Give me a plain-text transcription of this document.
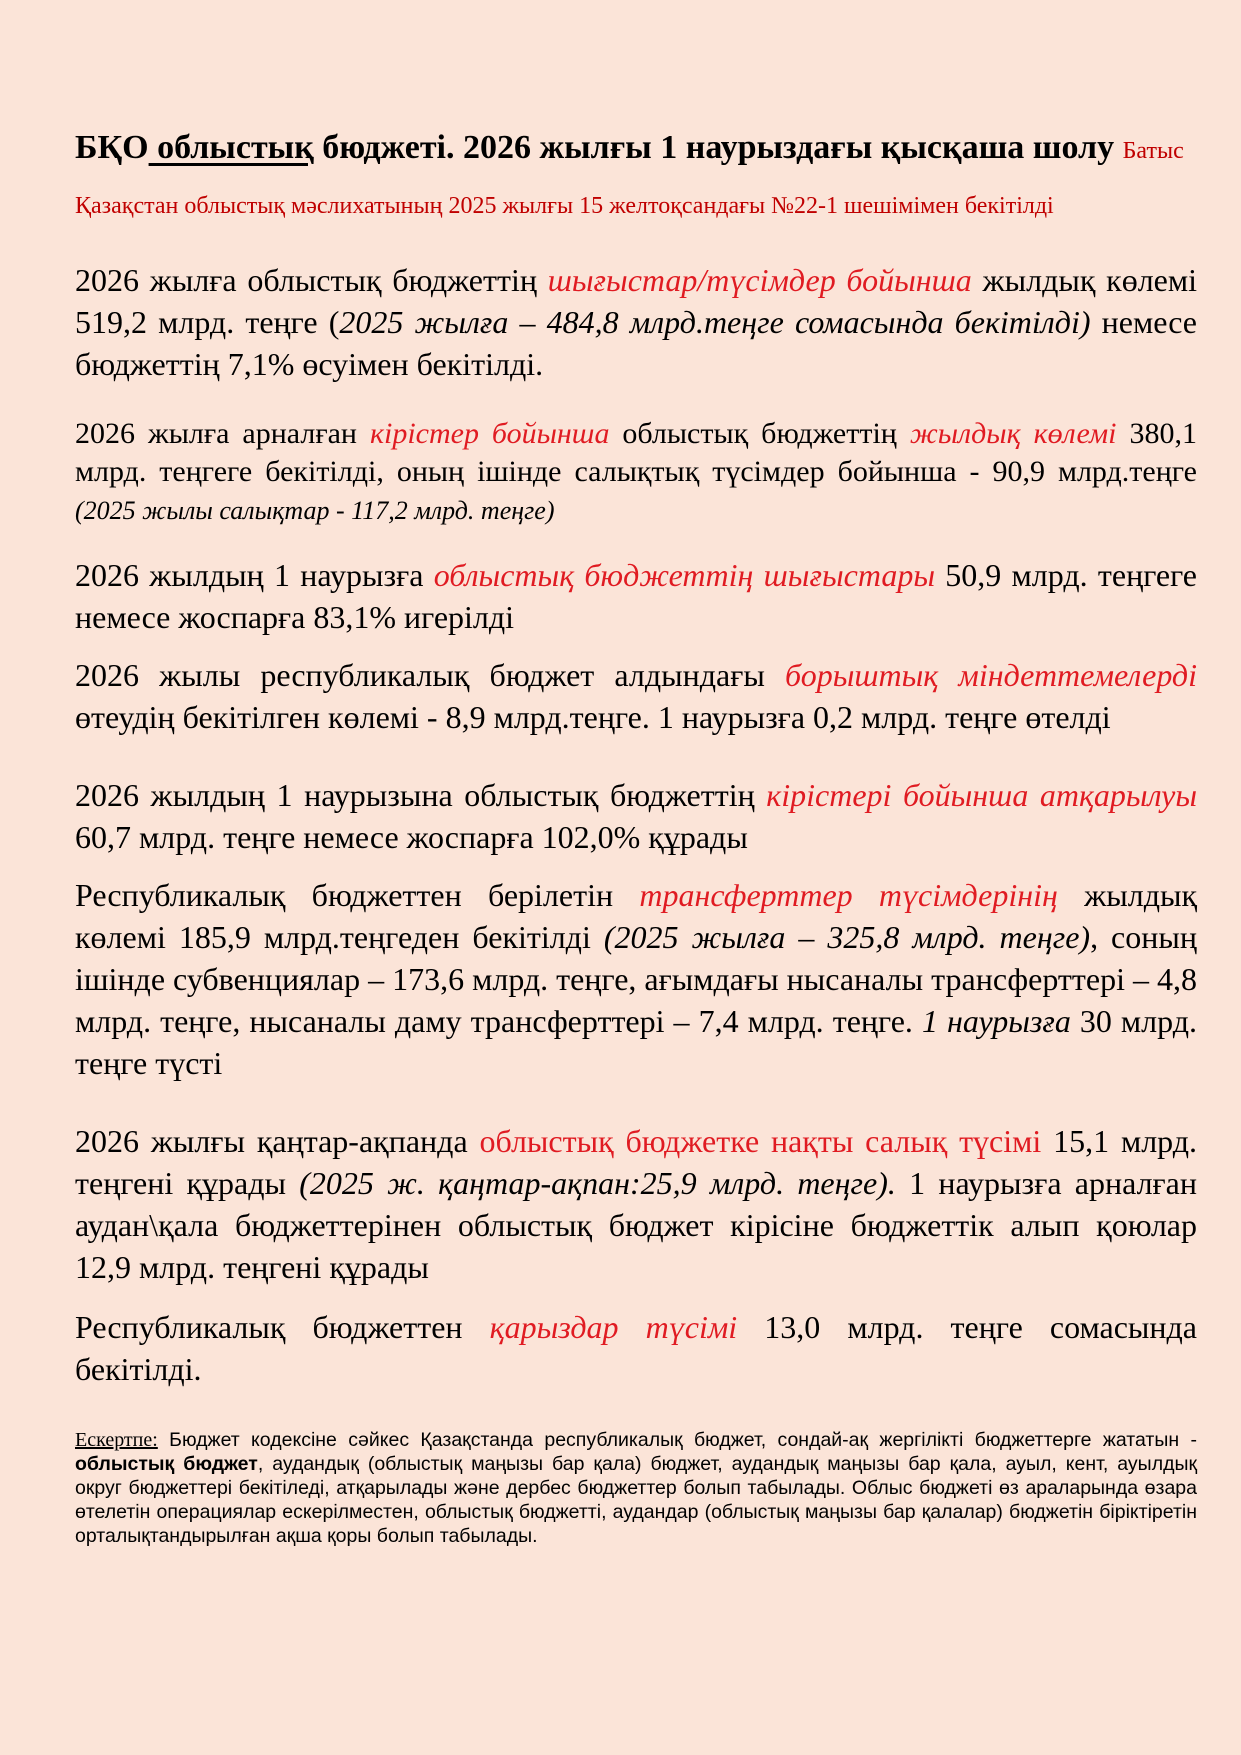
БҚО облыстық бюджеті. 2026 жылғы 1 наурыздағы қысқаша шолу Батыс Қазақстан облыстық мәслихатының 2025 жылғы 15 желтоқсандағы №22-1 шешімімен бекітілді

2026 жылға облыстық бюджеттің шығыстар/түсімдер бойынша жылдық көлемі 519,2 млрд. теңге (2025 жылға – 484,8 млрд.теңге сомасында бекітілді) немесе бюджеттің 7,1% өсуімен бекітілді.

2026 жылға арналған кірістер бойынша облыстық бюджеттің жылдық көлемі 380,1 млрд. теңгеге бекітілді, оның ішінде салықтық түсімдер бойынша - 90,9 млрд.теңге (2025 жылы салықтар - 117,2 млрд. теңге)

2026 жылдың 1 наурызға облыстық бюджеттің шығыстары 50,9 млрд. теңгеге немесе жоспарға 83,1% игерілді

2026 жылы республикалық бюджет алдындағы борыштық міндеттемелерді өтеудің бекітілген көлемі - 8,9 млрд.теңге. 1 наурызға 0,2 млрд. теңге өтелді

2026 жылдың 1 наурызына облыстық бюджеттің кірістері бойынша атқарылуы 60,7 млрд. теңге немесе жоспарға 102,0% құрады

Республикалық бюджеттен берілетін трансферттер түсімдерінің жылдық көлемі 185,9 млрд.теңгеден бекітілді (2025 жылға – 325,8 млрд. теңге), соның ішінде субвенциялар – 173,6 млрд. теңге, ағымдағы нысаналы трансферттері – 4,8 млрд. теңге, нысаналы даму трансферттері – 7,4 млрд. теңге. 1 наурызға 30 млрд. теңге түсті

2026 жылғы қаңтар-ақпанда облыстық бюджетке нақты салық түсімі 15,1 млрд. теңгені құрады (2025 ж. қаңтар-ақпан:25,9 млрд. теңге). 1 наурызға арналған аудан\қала бюджеттерінен облыстық бюджет кірісіне бюджеттік алып қоюлар 12,9 млрд. теңгені құрады

Республикалық бюджеттен қарыздар түсімі 13,0 млрд. теңге сомасында бекітілді.

Ескертпе: Бюджет кодексіне сәйкес Қазақстанда республикалық бюджет, сондай-ақ жергілікті бюджеттерге жататын - облыстық бюджет, аудандық (облыстық маңызы бар қала) бюджет, аудандық маңызы бар қала, ауыл, кент, ауылдық округ бюджеттері бекітіледі, атқарылады және дербес бюджеттер болып табылады. Облыс бюджеті өз араларында өзара өтелетін операциялар ескерілместен, облыстық бюджетті, аудандар (облыстық маңызы бар қалалар) бюджетін біріктіретін орталықтандырылған ақша қоры болып табылады.
